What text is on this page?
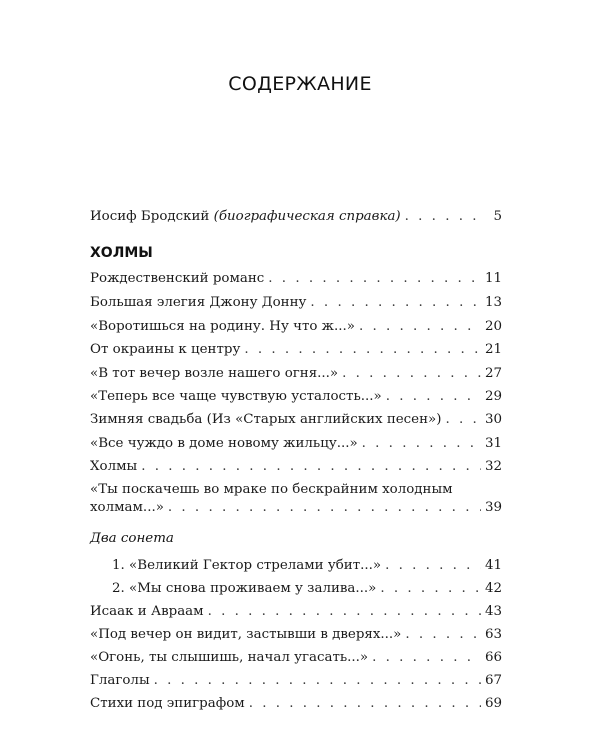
СОДЕРЖАНИЕ
Иосиф Бродский (биографическая справка) . . .	5
ХОЛМЫ
Рождественский романс . . .	11
Большая элегия Джону Донну . . .	13
«Воротишься на родину. Ну что ж...» . . .	20
От окраины к центру . . .	21
«В тот вечер возле нашего огня...» . . .	27
«Теперь все чаще чувствую усталость...» . . .	29
Зимняя свадьба (Из «Старых английских песен») . . .	30
«Все чуждо в доме новому жильцу...» . . .	31
Холмы . . .	32
«Ты поскачешь во мраке по бескрайним холодным
холмам...» . . .	39
Два сонета
1. «Великий Гектор стрелами убит...» . . .	41
2. «Мы снова проживаем у залива...» . . .	42
Исаак и Авраам . . .	43
«Под вечер он видит, застывши в дверях...» . . .	63
«Огонь, ты слышишь, начал угасать...» . . .	66
Глаголы . . .	67
Стихи под эпиграфом . . .	69
